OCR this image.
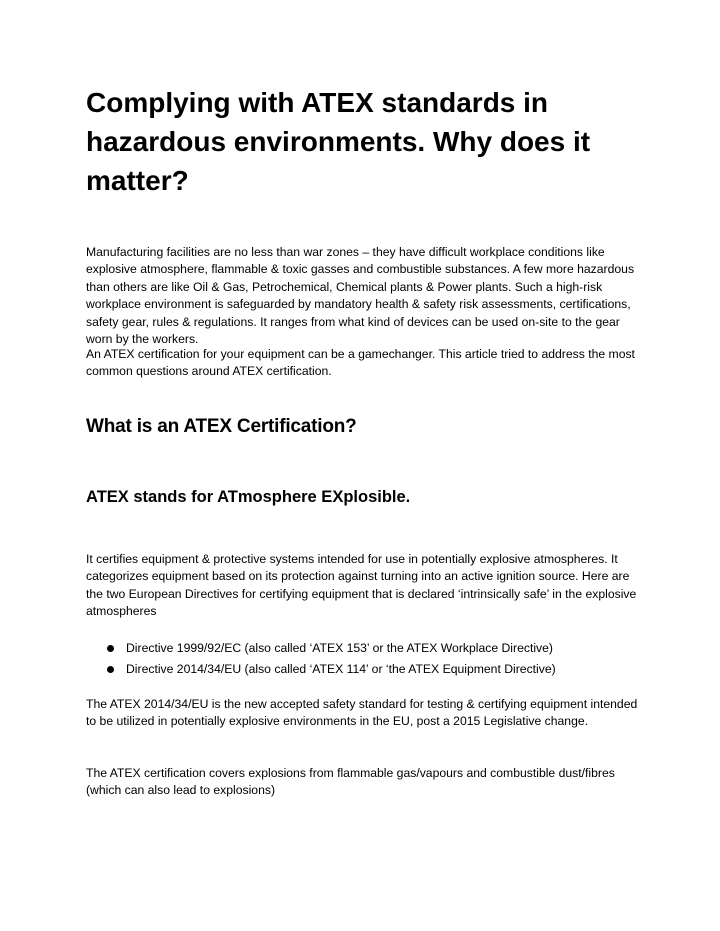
Complying with ATEX standards in hazardous environments. Why does it matter?

Manufacturing facilities are no less than war zones – they have difficult workplace conditions like explosive atmosphere, flammable & toxic gasses and combustible substances. A few more hazardous than others are like Oil & Gas, Petrochemical, Chemical plants & Power plants. Such a high-risk workplace environment is safeguarded by mandatory health & safety risk assessments, certifications, safety gear, rules & regulations. It ranges from what kind of devices can be used on-site to the gear worn by the workers.

An ATEX certification for your equipment can be a gamechanger. This article tried to address the most common questions around ATEX certification.

What is an ATEX Certification?
ATEX stands for ATmosphere EXplosible.

It certifies equipment & protective systems intended for use in potentially explosive atmospheres. It categorizes equipment based on its protection against turning into an active ignition source. Here are the two European Directives for certifying equipment that is declared ‘intrinsically safe’ in the explosive atmospheres

Directive 1999/92/EC (also called ‘ATEX 153’ or the ATEX Workplace Directive)
Directive 2014/34/EU (also called ‘ATEX 114’ or ‘the ATEX Equipment Directive)

The ATEX 2014/34/EU is the new accepted safety standard for testing & certifying equipment intended to be utilized in potentially explosive environments in the EU, post a 2015 Legislative change.

The ATEX certification covers explosions from flammable gas/vapours and combustible dust/fibres (which can also lead to explosions)
